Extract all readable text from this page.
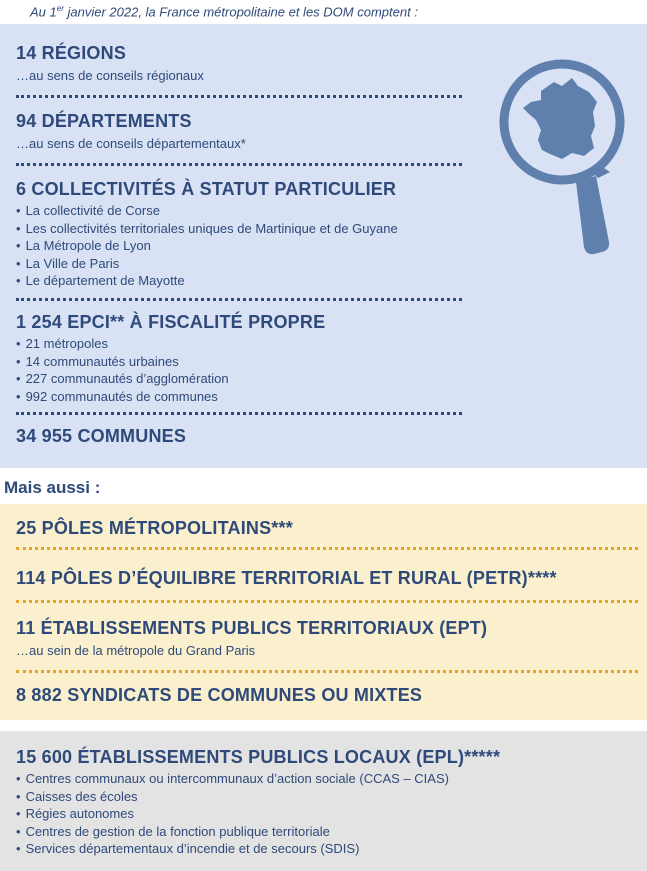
Au 1er janvier 2022, la France métropolitaine et les DOM comptent :
14 RÉGIONS
…au sens de conseils régionaux
94 DÉPARTEMENTS
…au sens de conseils départementaux*
6 COLLECTIVITÉS À STATUT PARTICULIER
• La collectivité de Corse
• Les collectivités territoriales uniques de Martinique et de Guyane
• La Métropole de Lyon
• La Ville de Paris
• Le département de Mayotte
1 254 EPCI** À FISCALITÉ PROPRE
• 21 métropoles
• 14 communautés urbaines
• 227 communautés d’agglomération
• 992 communautés de communes
34 955 COMMUNES
Mais aussi :
25 PÔLES MÉTROPOLITAINS***
114 PÔLES D’ÉQUILIBRE TERRITORIAL ET RURAL (PETR)****
11 ÉTABLISSEMENTS PUBLICS TERRITORIAUX (EPT)
…au sein de la métropole du Grand Paris
8 882 SYNDICATS DE COMMUNES OU MIXTES
15 600 ÉTABLISSEMENTS PUBLICS LOCAUX (EPL)*****
• Centres communaux ou intercommunaux d’action sociale (CCAS – CIAS)
• Caisses des écoles
• Régies autonomes
• Centres de gestion de la fonction publique territoriale
• Services départementaux d’incendie et de secours (SDIS)
